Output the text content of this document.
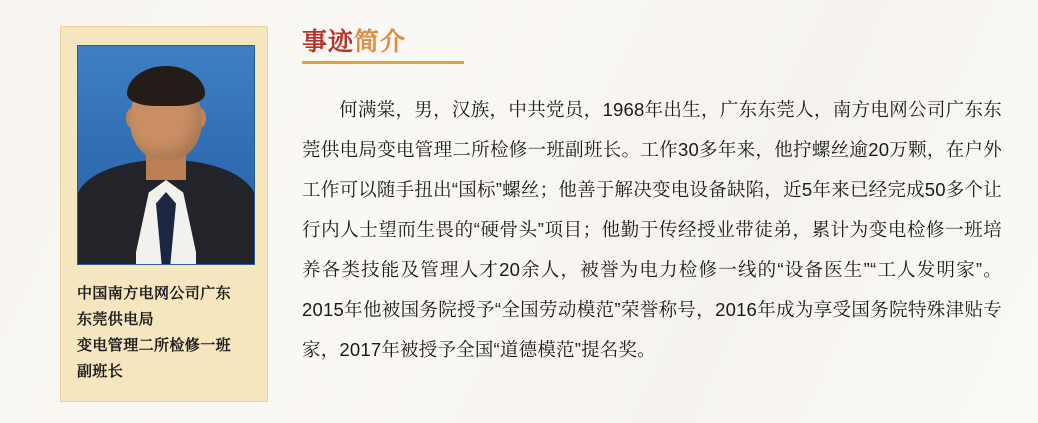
中国南方电网公司广东
东莞供电局
变电管理二所检修一班
副班长
事迹简介

何满棠，男，汉族，中共党员，1968年出生，广东东莞人，南方电网公司广东东莞供电局变电管理二所检修一班副班长。工作30多年来，他拧螺丝逾20万颗，在户外工作可以随手扭出“国标”螺丝；他善于解决变电设备缺陷，近5年来已经完成50多个让行内人士望而生畏的“硬骨头”项目；他勤于传经授业带徒弟，累计为变电检修一班培养各类技能及管理人才20余人，被誉为电力检修一线的“设备医生”“工人发明家”。2015年他被国务院授予“全国劳动模范”荣誉称号，2016年成为享受国务院特殊津贴专家，2017年被授予全国“道德模范”提名奖。
